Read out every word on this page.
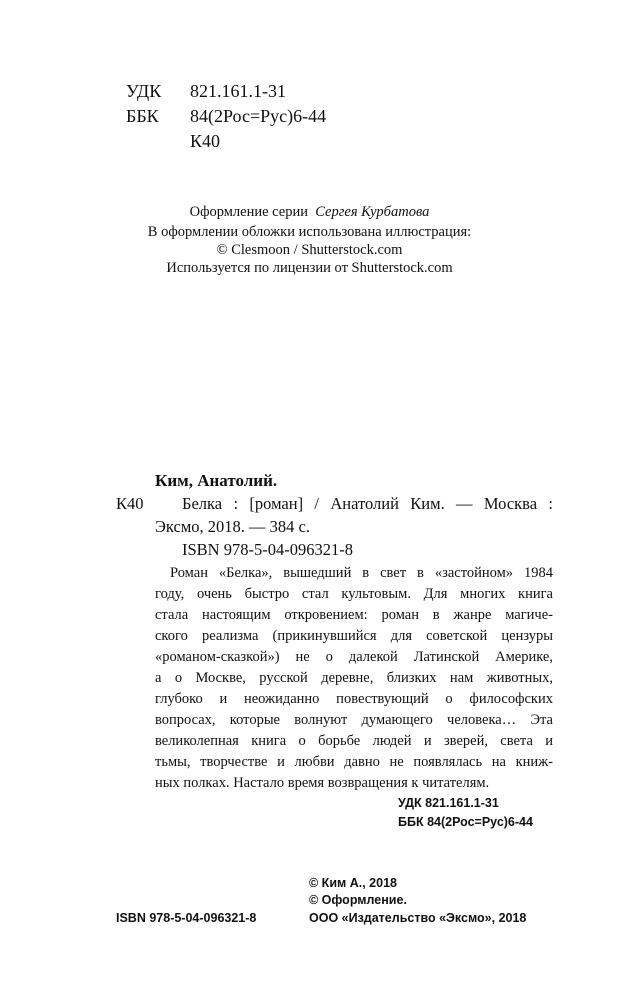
УДК 821.161.1-31
ББК 84(2Рос=Рус)6-44
К40
Оформление серии Сергея Курбатова
В оформлении обложки использована иллюстрация:
© Clesmoon / Shutterstock.com
Используется по лицензии от Shutterstock.com
Ким, Анатолий.
К40 Белка : [роман] / Анатолий Ким. — Москва :
Эксмо, 2018. — 384 с.
ISBN 978-5-04-096321-8
Роман «Белка», вышедший в свет в «застойном» 1984
году, очень быстро стал культовым. Для многих книга
стала настоящим откровением: роман в жанре магиче-
ского реализма (прикинувшийся для советской цензуры
«романом-сказкой») не о далекой Латинской Америке,
а о Москве, русской деревне, близких нам животных,
глубоко и неожиданно повествующий о философских
вопросах, которые волнуют думающего человека… Эта
великолепная книга о борьбе людей и зверей, света и
тьмы, творчестве и любви давно не появлялась на книж-
ных полках. Настало время возвращения к читателям.
УДК 821.161.1-31
ББК 84(2Рос=Рус)6-44
© Ким А., 2018
© Оформление.
ISBN 978-5-04-096321-8	ООО «Издательство «Эксмо», 2018
